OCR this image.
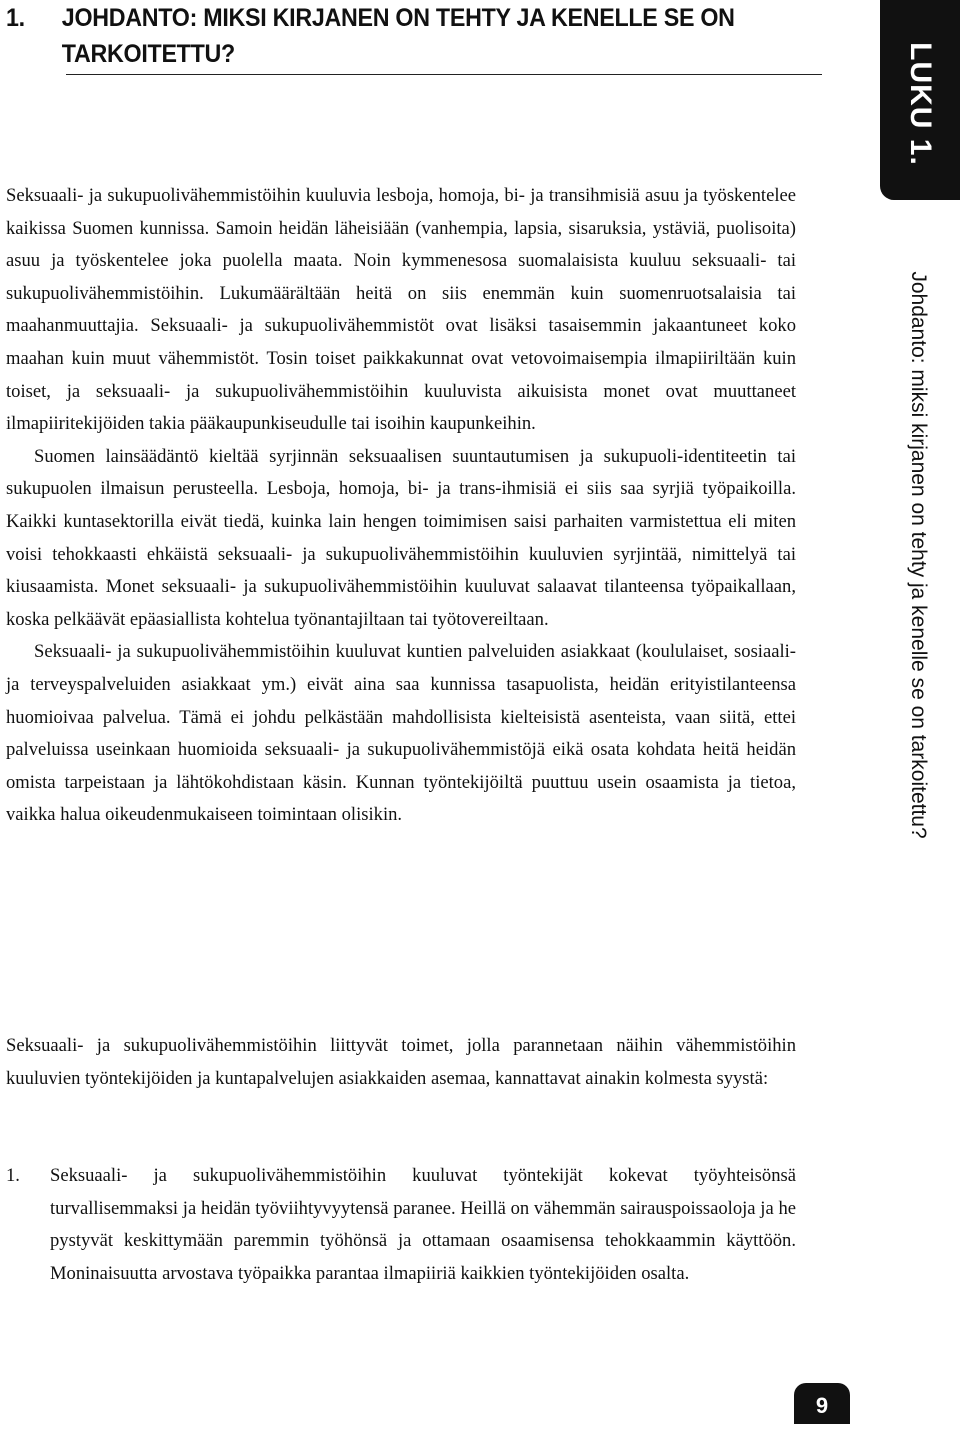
1. JOHDANTO: MIKSI KIRJANEN ON TEHTY JA KENELLE SE ON
TARKOITETTU?

Seksuaali- ja sukupuolivähemmistöihin kuuluvia lesboja, homoja, bi- ja transihmisiä asuu ja työskentelee kaikissa Suomen kunnissa. Samoin heidän läheisiään (vanhempia, lapsia, sisaruksia, ystäviä, puolisoita) asuu ja työskentelee joka puolella maata. Noin kymmenesosa suomalaisista kuuluu seksuaali- tai sukupuolivähemmistöihin. Lukumäärältään heitä on siis enemmän kuin suomenruotsalaisia tai maahanmuuttajia. Seksuaali- ja sukupuolivähemmistöt ovat lisäksi tasaisemmin jakaantuneet koko maahan kuin muut vähemmistöt. Tosin toiset paikkakunnat ovat vetovoimaisempia ilmapiiriltään kuin toiset, ja seksuaali- ja sukupuolivähemmistöihin kuuluvista aikuisista monet ovat muuttaneet ilmapiiritekijöiden takia pääkaupunkiseudulle tai isoihin kaupunkeihin.

Suomen lainsäädäntö kieltää syrjinnän seksuaalisen suuntautumisen ja sukupuoli-identiteetin tai sukupuolen ilmaisun perusteella. Lesboja, homoja, bi- ja trans-ihmisiä ei siis saa syrjiä työpaikoilla. Kaikki kuntasektorilla eivät tiedä, kuinka lain hengen toimimisen saisi parhaiten varmistettua eli miten voisi tehokkaasti ehkäistä seksuaali- ja sukupuolivähemmistöihin kuuluvien syrjintää, nimittelyä tai kiusaamista. Monet seksuaali- ja sukupuolivähemmistöihin kuuluvat salaavat tilanteensa työpaikallaan, koska pelkäävät epäasiallista kohtelua työnantajiltaan tai työtovereiltaan.

Seksuaali- ja sukupuolivähemmistöihin kuuluvat kuntien palveluiden asiakkaat (koululaiset, sosiaali- ja terveyspalveluiden asiakkaat ym.) eivät aina saa kunnissa tasapuolista, heidän erityistilanteensa huomioivaa palvelua. Tämä ei johdu pelkästään mahdollisista kielteisistä asenteista, vaan siitä, ettei palveluissa useinkaan huomioida seksuaali- ja sukupuolivähemmistöjä eikä osata kohdata heitä heidän omista tarpeistaan ja lähtökohdistaan käsin. Kunnan työntekijöiltä puuttuu usein osaamista ja tietoa, vaikka halua oikeudenmukaiseen toimintaan olisikin.

Seksuaali- ja sukupuolivähemmistöihin liittyvät toimet, jolla parannetaan näihin vähemmistöihin kuuluvien työntekijöiden ja kuntapalvelujen asiakkaiden asemaa, kannattavat ainakin kolmesta syystä:

1. Seksuaali- ja sukupuolivähemmistöihin kuuluvat työntekijät kokevat työyhteisönsä turvallisemmaksi ja heidän työviihtyvyytensä paranee. Heillä on vähemmän sairauspoissaoloja ja he pystyvät keskittymään paremmin työhönsä ja ottamaan osaamisensa tehokkaammin käyttöön. Moninaisuutta arvostava työpaikka parantaa ilmapiiriä kaikkien työntekijöiden osalta.
LUKU 1.
Johdanto: miksi kirjanen on tehty ja kenelle se on tarkoitettu?
9
